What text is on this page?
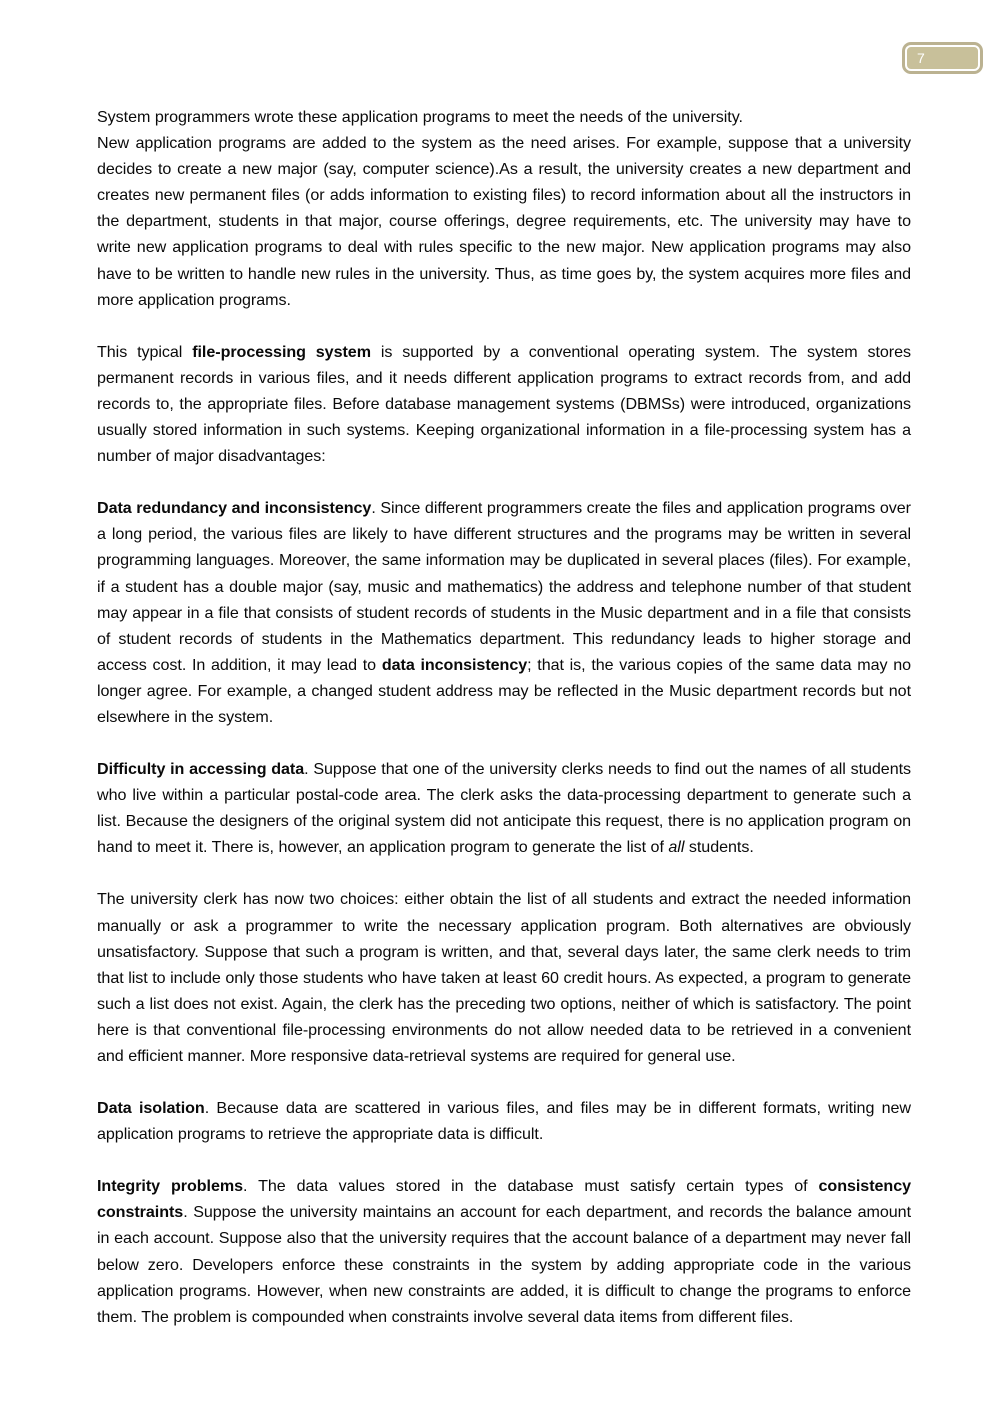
7
System programmers wrote these application programs to meet the needs of the university.
New application programs are added to the system as the need arises. For example, suppose that a university decides to create a new major (say, computer science).As a result, the university creates a new department and creates new permanent files (or adds information to existing files) to record information about all the instructors in the department, students in that major, course offerings, degree requirements, etc. The university may have to write new application programs to deal with rules specific to the new major. New application programs may also have to be written to handle new rules in the university. Thus, as time goes by, the system acquires more files and more application programs.
This typical file-processing system is supported by a conventional operating system. The system stores permanent records in various files, and it needs different application programs to extract records from, and add records to, the appropriate files. Before database management systems (DBMSs) were introduced, organizations usually stored information in such systems. Keeping organizational information in a file-processing system has a number of major disadvantages:
Data redundancy and inconsistency. Since different programmers create the files and application programs over a long period, the various files are likely to have different structures and the programs may be written in several programming languages. Moreover, the same information may be duplicated in several places (files). For example, if a student has a double major (say, music and mathematics) the address and telephone number of that student may appear in a file that consists of student records of students in the Music department and in a file that consists of student records of students in the Mathematics department. This redundancy leads to higher storage and access cost. In addition, it may lead to data inconsistency; that is, the various copies of the same data may no longer agree. For example, a changed student address may be reflected in the Music department records but not elsewhere in the system.
Difficulty in accessing data. Suppose that one of the university clerks needs to find out the names of all students who live within a particular postal-code area. The clerk asks the data-processing department to generate such a list. Because the designers of the original system did not anticipate this request, there is no application program on hand to meet it. There is, however, an application program to generate the list of all students.
The university clerk has now two choices: either obtain the list of all students and extract the needed information manually or ask a programmer to write the necessary application program. Both alternatives are obviously unsatisfactory. Suppose that such a program is written, and that, several days later, the same clerk needs to trim that list to include only those students who have taken at least 60 credit hours. As expected, a program to generate such a list does not exist. Again, the clerk has the preceding two options, neither of which is satisfactory. The point here is that conventional file-processing environments do not allow needed data to be retrieved in a convenient and efficient manner. More responsive data-retrieval systems are required for general use.
Data isolation. Because data are scattered in various files, and files may be in different formats, writing new application programs to retrieve the appropriate data is difficult.
Integrity problems. The data values stored in the database must satisfy certain types of consistency constraints. Suppose the university maintains an account for each department, and records the balance amount in each account. Suppose also that the university requires that the account balance of a department may never fall below zero. Developers enforce these constraints in the system by adding appropriate code in the various application programs. However, when new constraints are added, it is difficult to change the programs to enforce them. The problem is compounded when constraints involve several data items from different files.
